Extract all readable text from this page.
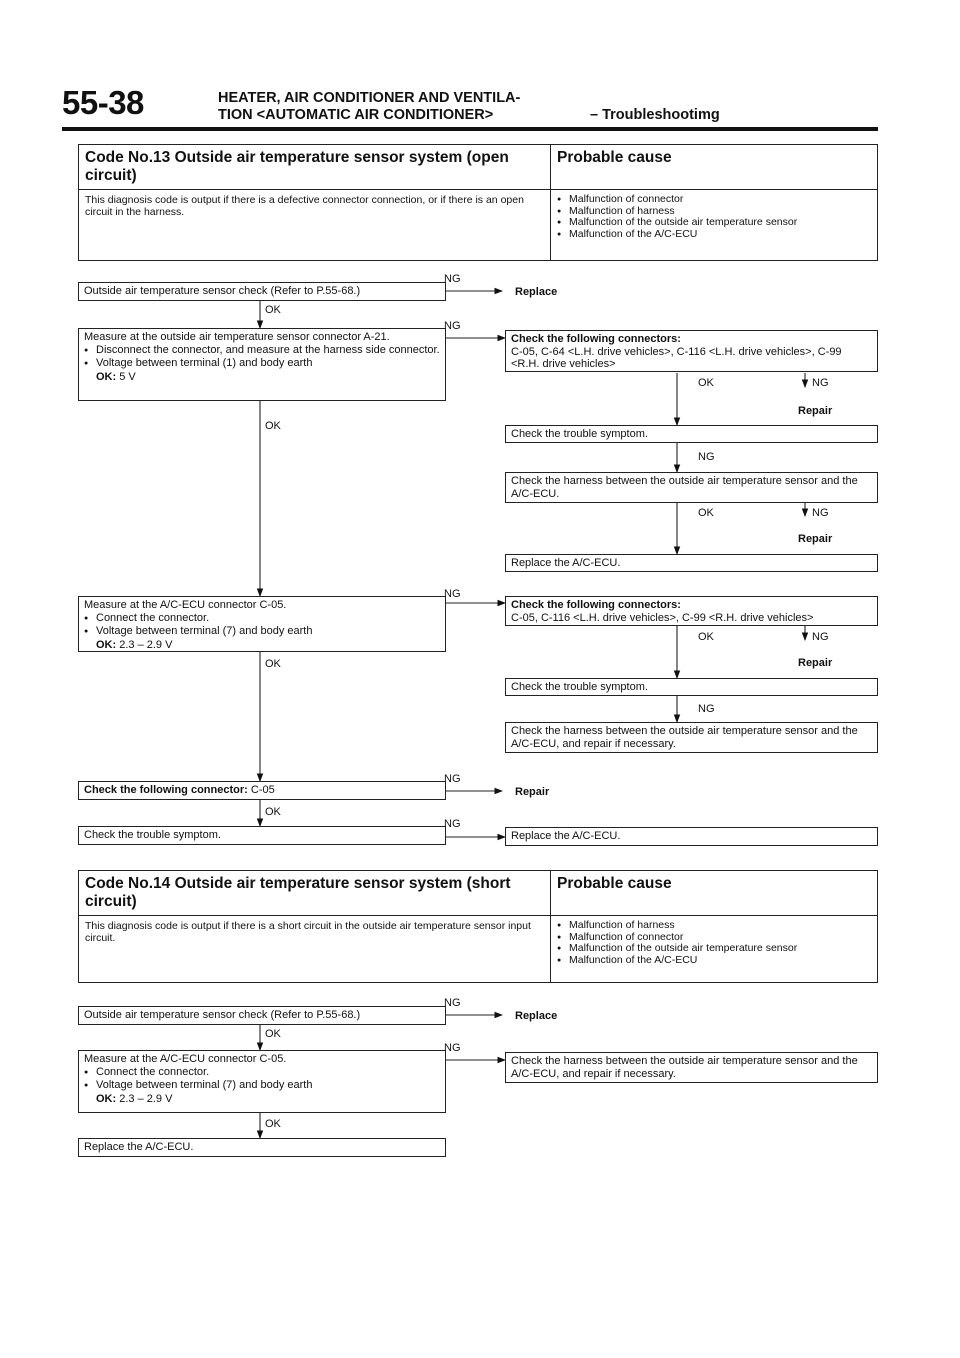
55-38	HEATER, AIR CONDITIONER AND VENTILA-
TION <AUTOMATIC AIR CONDITIONER>	– Troubleshootimg
Code No.13 Outside air temperature sensor system (open circuit)
Probable cause
This diagnosis code is output if there is a defective connector connection, or if there is an open circuit in the harness.
● Malfunction of connector
● Malfunction of harness
● Malfunction of the outside air temperature sensor
● Malfunction of the A/C-ECU
Outside air temperature sensor check (Refer to P.55-68.)	Replace
NG
OK
Measure at the outside air temperature sensor connector A-21.
● Disconnect the connector, and measure at the harness side connector.
● Voltage between terminal (1) and body earth
OK: 5 V
NG
Check the following connectors:
C-05, C-64 <L.H. drive vehicles>, C-116 <L.H. drive vehicles>, C-99 <R.H. drive vehicles>
OK	NG
Repair
OK
Check the trouble symptom.
NG
Check the harness between the outside air temperature sensor and the A/C-ECU.
OK	NG
Repair
Replace the A/C-ECU.
Measure at the A/C-ECU connector C-05.
● Connect the connector.
● Voltage between terminal (7) and body earth
OK: 2.3 – 2.9 V
NG
Check the following connectors:
C-05, C-116 <L.H. drive vehicles>, C-99 <R.H. drive vehicles>
OK	NG
Repair
OK
Check the trouble symptom.
NG
Check the harness between the outside air temperature sensor and the A/C-ECU, and repair if necessary.
Check the following connector: C-05
NG
Repair
OK
Check the trouble symptom.
NG
Replace the A/C-ECU.
Code No.14 Outside air temperature sensor system (short circuit)
Probable cause
This diagnosis code is output if there is a short circuit in the outside air temperature sensor input circuit.
● Malfunction of harness
● Malfunction of connector
● Malfunction of the outside air temperature sensor
● Malfunction of the A/C-ECU
Outside air temperature sensor check (Refer to P.55-68.)
NG
Replace
OK
Measure at the A/C-ECU connector C-05.
● Connect the connector.
● Voltage between terminal (7) and body earth
OK: 2.3 – 2.9 V
NG
Check the harness between the outside air temperature sensor and the A/C-ECU, and repair if necessary.
OK
Replace the A/C-ECU.
